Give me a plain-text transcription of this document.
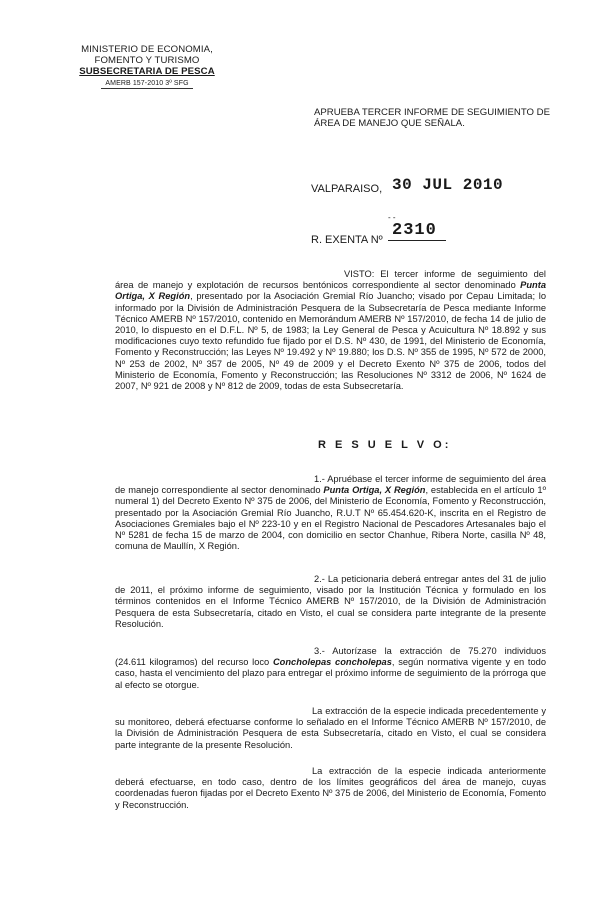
MINISTERIO DE ECONOMIA,
FOMENTO Y TURISMO
SUBSECRETARIA DE PESCA
AMERB 157-2010 3º SFG
APRUEBA TERCER INFORME DE SEGUIMIENTO DE ÁREA DE MANEJO QUE SEÑALA.
VALPARAISO, 30 JUL 2010
- -
R. EXENTA Nº 2310
VISTO: El tercer informe de seguimiento del área de manejo y explotación de recursos bentónicos correspondiente al sector denominado Punta Ortiga, X Región, presentado por la Asociación Gremial Río Juancho; visado por Cepau Limitada; lo informado por la División de Administración Pesquera de la Subsecretaría de Pesca mediante Informe Técnico AMERB Nº 157/2010, contenido en Memorándum AMERB Nº 157/2010, de fecha 14 de julio de 2010, lo dispuesto en el D.F.L. Nº 5, de 1983; la Ley General de Pesca y Acuicultura Nº 18.892 y sus modificaciones cuyo texto refundido fue fijado por el D.S. Nº 430, de 1991, del Ministerio de Economía, Fomento y Reconstrucción; las Leyes Nº 19.492 y Nº 19.880; los D.S. Nº 355 de 1995, Nº 572 de 2000, Nº 253 de 2002, Nº 357 de 2005, Nº 49 de 2009 y el Decreto Exento Nº 375 de 2006, todos del Ministerio de Economía, Fomento y Reconstrucción; las Resoluciones Nº 3312 de 2006, Nº 1624 de 2007, Nº 921 de 2008 y Nº 812 de 2009, todas de esta Subsecretaría.
R E S U E L V O:
1.- Apruébase el tercer informe de seguimiento del área de manejo correspondiente al sector denominado Punta Ortiga, X Región, establecida en el artículo 1º numeral 1) del Decreto Exento Nº 375 de 2006, del Ministerio de Economía, Fomento y Reconstrucción, presentado por la Asociación Gremial Río Juancho, R.U.T Nº 65.454.620-K, inscrita en el Registro de Asociaciones Gremiales bajo el Nº 223-10 y en el Registro Nacional de Pescadores Artesanales bajo el Nº 5281 de fecha 15 de marzo de 2004, con domicilio en sector Chanhue, Ribera Norte, casilla Nº 48, comuna de Maullín, X Región.
2.- La peticionaria deberá entregar antes del 31 de julio de 2011, el próximo informe de seguimiento, visado por la Institución Técnica y formulado en los términos contenidos en el Informe Técnico AMERB Nº 157/2010, de la División de Administración Pesquera de esta Subsecretaría, citado en Visto, el cual se considera parte integrante de la presente Resolución.
3.- Autorízase la extracción de 75.270 individuos (24.611 kilogramos) del recurso loco Concholepas concholepas, según normativa vigente y en todo caso, hasta el vencimiento del plazo para entregar el próximo informe de seguimiento de la prórroga que al efecto se otorgue.
La extracción de la especie indicada precedentemente y su monitoreo, deberá efectuarse conforme lo señalado en el Informe Técnico AMERB Nº 157/2010, de la División de Administración Pesquera de esta Subsecretaría, citado en Visto, el cual se considera parte integrante de la presente Resolución.
La extracción de la especie indicada anteriormente deberá efectuarse, en todo caso, dentro de los límites geográficos del área de manejo, cuyas coordenadas fueron fijadas por el Decreto Exento Nº 375 de 2006, del Ministerio de Economía, Fomento y Reconstrucción.
